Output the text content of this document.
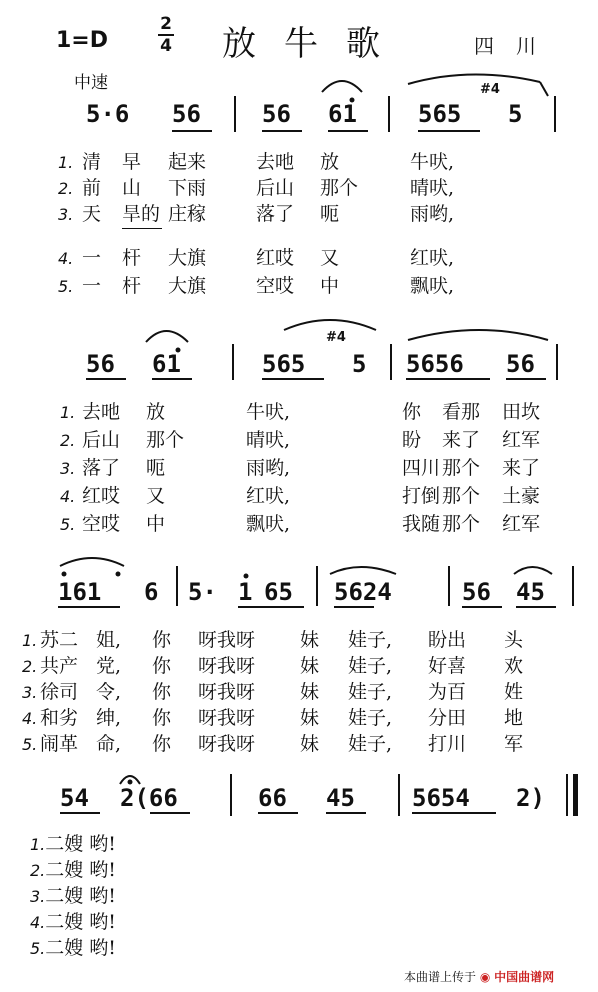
1=D
2
4 放牛歌	四川
中速
5·6 56	56 61	565
#4
5
1.
2.
3.
4.
5.
清 早 起来	去吔 放	牛吠,
前 山 下雨	后山 那个	晴吠,
天 旱的 庄稼	落了 呃	雨哟,
一 杆 大旗	红哎 又	红吠,
一 杆 大旗	空哎 中	飘吠,
56 61	565
#4
5 5656 56
1.
2.
3.
4.
5.
去吔 放	牛吠,	你 看那 田坎
后山 那个	晴吠,	盼 来了 红军
落了 呃	雨哟,	四川 那个 来了
红哎 又	红吠,	打倒 那个 土豪
空哎 中	飘吠,	我随 那个 红军
161 6 5· 1 65 5624	56 45
1.
2.
3.
4.
5.
苏二 姐, 你 呀我呀 妹 娃子, 盼出 头
共产 党, 你 呀我呀 妹 娃子, 好喜 欢
徐司 令, 你 呀我呀 妹 娃子, 为百 姓
和劣 绅, 你 呀我呀 妹 娃子, 分田 地
闹革 命, 你 呀我呀 妹 娃子, 打川 军
54 2(66	66 45 5654 2)
1.二嫂 哟!
2.二嫂 哟!
3.二嫂 哟!
4.二嫂 哟!
5.二嫂 哟!
本曲谱上传于 ◉ 中国曲谱网
